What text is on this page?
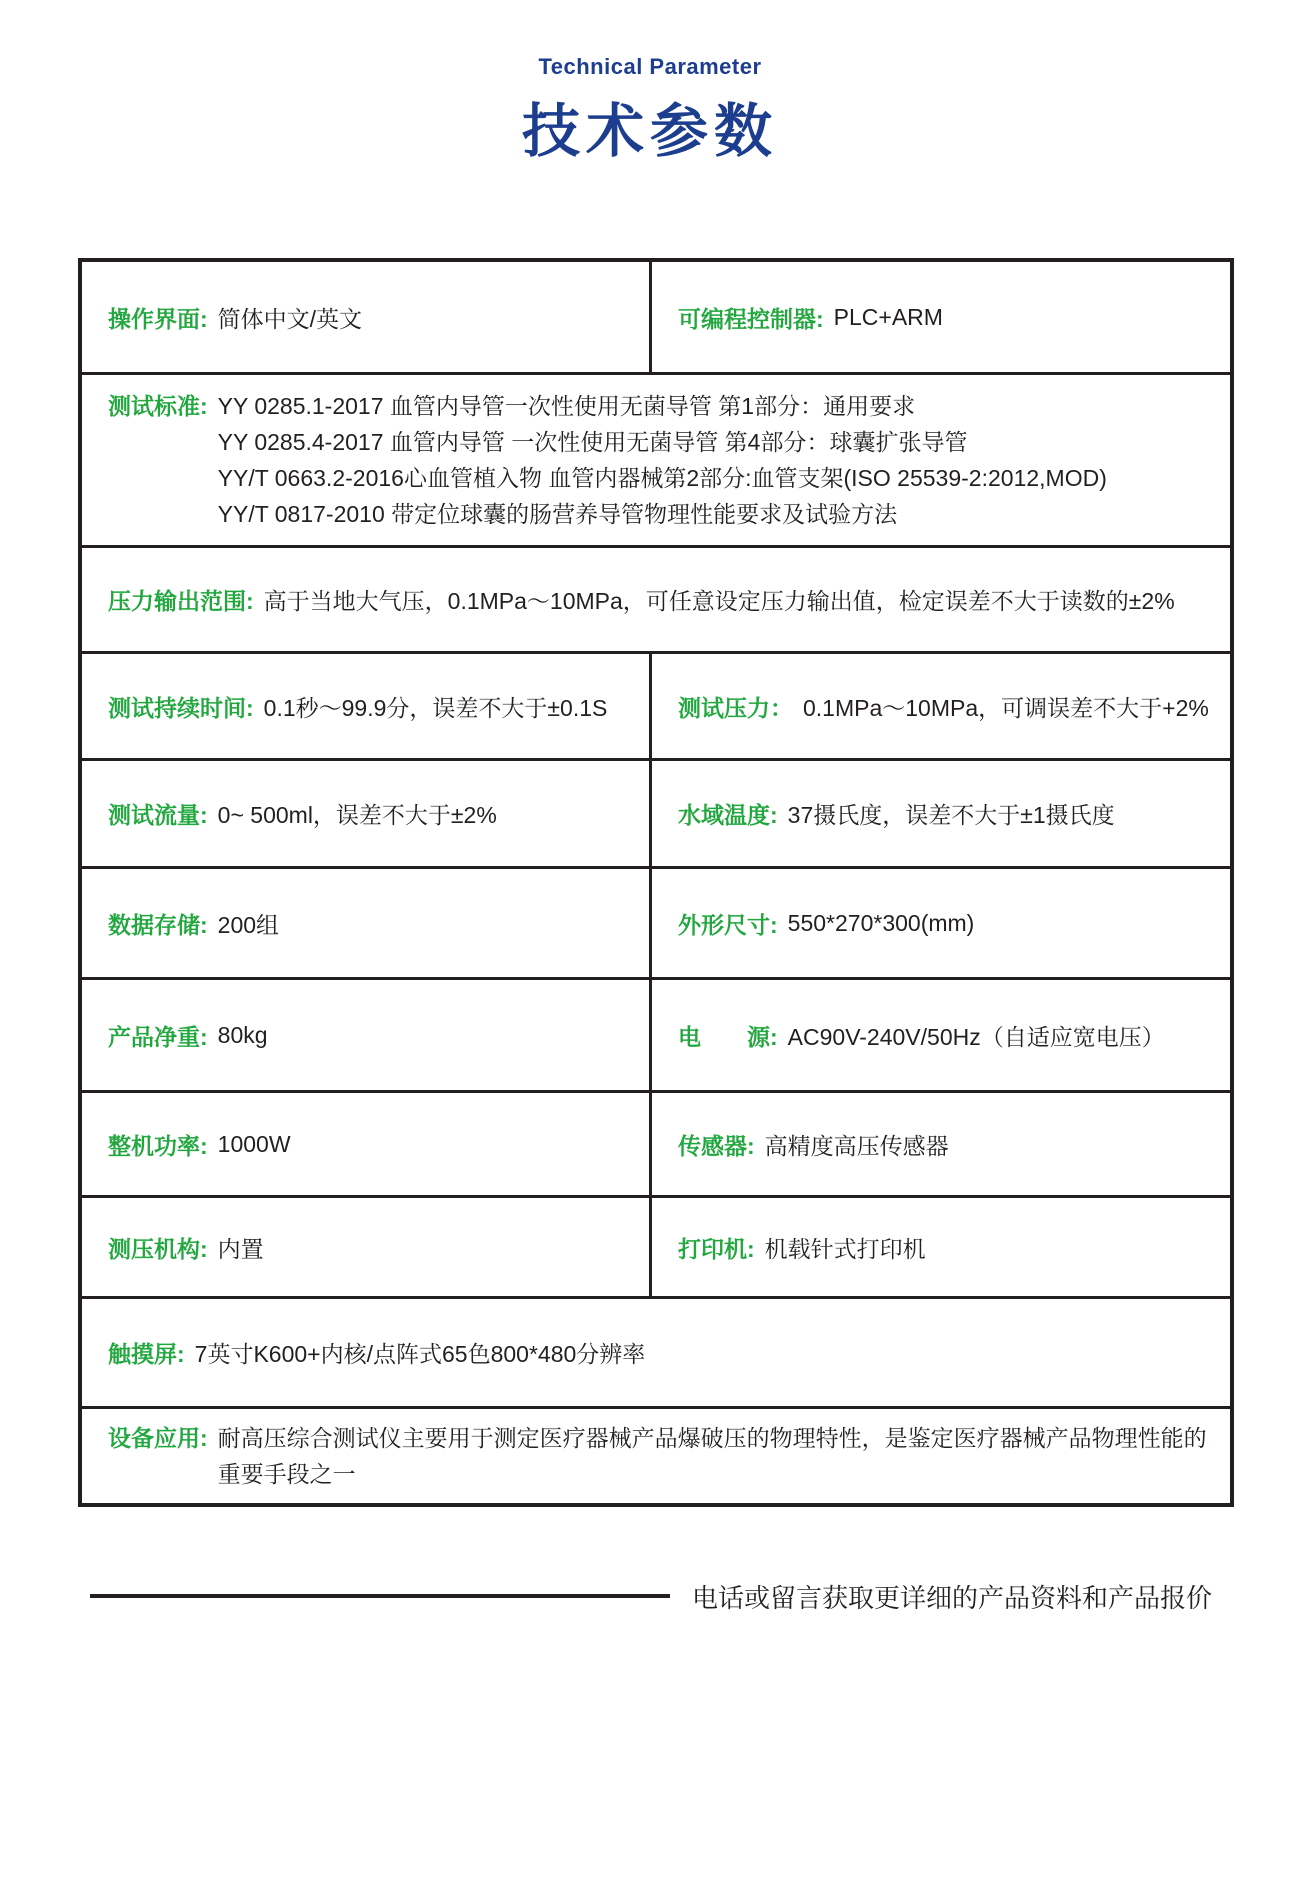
Technical Parameter
技术参数
操作界面: 简体中文/英文	可编程控制器: PLC+ARM
测试标准: YY 0285.1-2017 血管内导管一次性使用无菌导管 第1部分：通用要求
YY 0285.4-2017 血管内导管 一次性使用无菌导管 第4部分：球囊扩张导管
YY/T 0663.2-2016心血管植入物 血管内器械第2部分:血管支架(ISO 25539-2:2012,MOD)
YY/T 0817-2010 带定位球囊的肠营养导管物理性能要求及试验方法
压力输出范围: 高于当地大气压，0.1MPa～10MPa，可任意设定压力输出值，检定误差不大于读数的±2%
测试持续时间: 0.1秒～99.9分，误差不大于±0.1S	测试压力： 0.1MPa～10MPa，可调误差不大于+2%
测试流量: 0~ 500ml，误差不大于±2%	水域温度: 37摄氏度，误差不大于±1摄氏度
数据存储: 200组	外形尺寸: 550*270*300(mm)
产品净重: 80kg	电　　源: AC90V-240V/50Hz（自适应宽电压）
整机功率: 1000W	传感器: 高精度高压传感器
测压机构: 内置	打印机: 机载针式打印机
触摸屏: 7英寸K600+内核/点阵式65色800*480分辨率
设备应用: 耐高压综合测试仪主要用于测定医疗器械产品爆破压的物理特性，是鉴定医疗器械产品物理性能的重要手段之一
电话或留言获取更详细的产品资料和产品报价
